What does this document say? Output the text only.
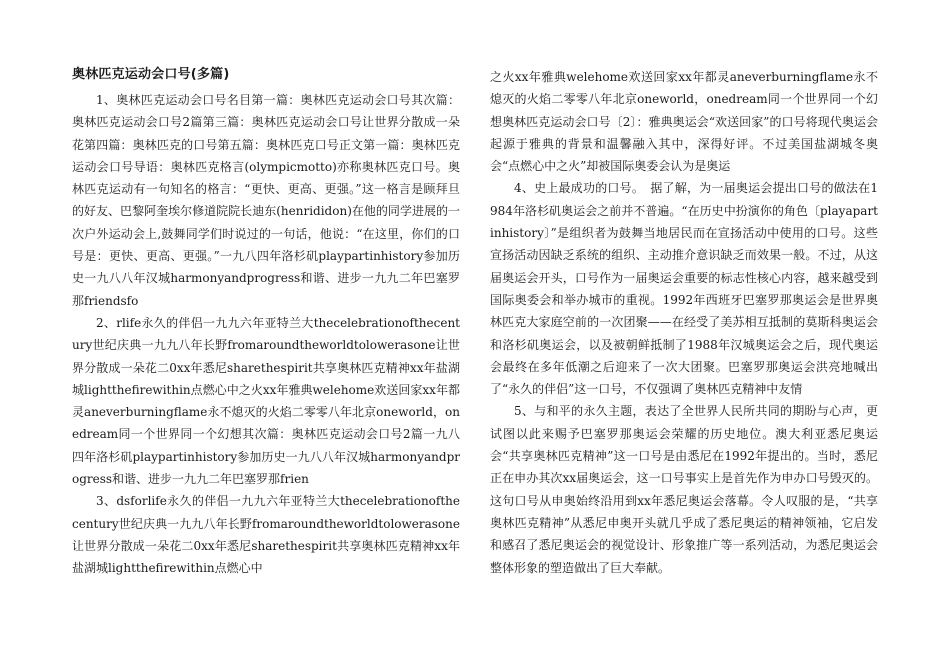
奥林匹克运动会口号(多篇)

1、奥林匹克运动会口号名目第一篇：奥林匹克运动会口号其次篇：奥林匹克运动会口号2篇第三篇：奥林匹克运动会口号让世界分散成一朵花第四篇：奥林匹克的口号第五篇：奥林匹克口号正文第一篇：奥林匹克运动会口号导语：奥林匹克格言(olympicmotto)亦称奥林匹克口号。奥林匹克运动有一句知名的格言：“更快、更高、更强。”这一格言是顾拜旦的好友、巴黎阿奎埃尔修道院院长迪东(henrididon)在他的同学进展的一次户外运动会上,鼓舞同学们时说过的一句话，他说：“在这里，你们的口号是：更快、更高、更强。”一九八四年洛杉矶playpartinhistory参加历史一九八八年汉城harmonyandprogress和谐、进步一九九二年巴塞罗那friendsfo

2、rlife永久的伴侣一九九六年亚特兰大thecelebrationofthecentury世纪庆典一九九八年长野fromaroundtheworldtolowerasone让世界分散成一朵花二0xx年悉尼sharethespirit共享奥林匹克精神xx年盐湖城lightthefirewithin点燃心中之火xx年雅典welehome欢送回家xx年都灵aneverburningflame永不熄灭的火焰二零零八年北京oneworld，onedream同一个世界同一个幻想其次篇：奥林匹克运动会口号2篇一九八四年洛杉矶playpartinhistory参加历史一九八八年汉城harmonyandprogress和谐、进步一九九二年巴塞罗那frien

3、dsforlife永久的伴侣一九九六年亚特兰大thecelebrationofthecentury世纪庆典一九九八年长野fromaroundtheworldtolowerasone让世界分散成一朵花二0xx年悉尼sharethespirit共享奥林匹克精神xx年盐湖城lightthefirewithin点燃心中

之火xx年雅典welehome欢送回家xx年都灵aneverburningflame永不熄灭的火焰二零零八年北京oneworld，onedream同一个世界同一个幻想奥林匹克运动会口号〔2〕：雅典奥运会“欢送回家”的口号将现代奥运会起源于雅典的背景和温馨融入其中，深得好评。不过美国盐湖城冬奥会“点燃心中之火”却被国际奥委会认为是奥运

4、史上最成功的口号。　据了解，为一届奥运会提出口号的做法在1984年洛杉矶奥运会之前并不普遍。“在历史中扮演你的角色〔playapartinhistory〕”是组织者为鼓舞当地居民而在宣扬活动中使用的口号。这些宣扬活动因缺乏系统的组织、主动推介意识缺乏而效果一般。不过，从这届奥运会开头，口号作为一届奥运会重要的标志性核心内容，越来越受到国际奥委会和举办城市的重视。1992年西班牙巴塞罗那奥运会是世界奥林匹克大家庭空前的一次团聚——在经受了美苏相互抵制的莫斯科奥运会和洛杉矶奥运会，以及被朝鲜抵制了1988年汉城奥运会之后，现代奥运会最终在多年低潮之后迎来了一次大团聚。巴塞罗那奥运会洪亮地喊出了“永久的伴侣”这一口号，不仅强调了奥林匹克精神中友情

5、与和平的永久主题，表达了全世界人民所共同的期盼与心声，更试图以此来赐予巴塞罗那奥运会荣耀的历史地位。澳大利亚悉尼奥运会“共享奥林匹克精神”这一口号是由悉尼在1992年提出的。当时，悉尼正在申办其次xx届奥运会，这一口号事实上是首先作为申办口号毁灭的。这句口号从申奥始终沿用到xx年悉尼奥运会落幕。令人叹服的是，“共享奥林匹克精神”从悉尼申奥开头就几乎成了悉尼奥运的精神领袖，它启发和感召了悉尼奥运会的视觉设计、形象推广等一系列活动，为悉尼奥运会整体形象的塑造做出了巨大奉献。
